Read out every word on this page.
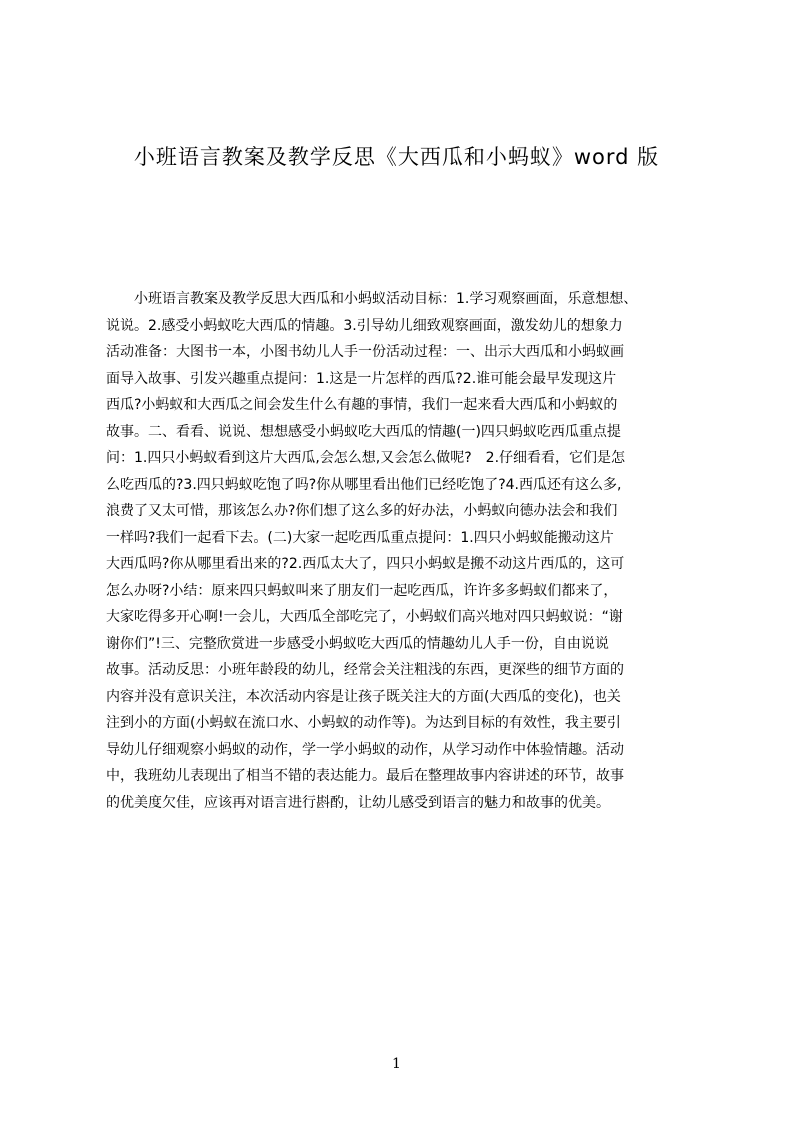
小班语言教案及教学反思《大西瓜和小蚂蚁》word 版
　　小班语言教案及教学反思大西瓜和小蚂蚁活动目标：1.学习观察画面，乐意想想、
说说。2.感受小蚂蚁吃大西瓜的情趣。3.引导幼儿细致观察画面，激发幼儿的想象力
活动准备：大图书一本，小图书幼儿人手一份活动过程：一、出示大西瓜和小蚂蚁画
面导入故事、引发兴趣重点提问：1.这是一片怎样的西瓜?2.谁可能会最早发现这片
西瓜?小蚂蚁和大西瓜之间会发生什么有趣的事情，我们一起来看大西瓜和小蚂蚁的
故事。二、看看、说说、想想感受小蚂蚁吃大西瓜的情趣(一)四只蚂蚁吃西瓜重点提
问：1.四只小蚂蚁看到这片大西瓜,会怎么想,又会怎么做呢?　2.仔细看看，它们是怎
么吃西瓜的?3.四只蚂蚁吃饱了吗?你从哪里看出他们已经吃饱了?4.西瓜还有这么多,
浪费了又太可惜，那该怎么办?你们想了这么多的好办法，小蚂蚁向德办法会和我们
一样吗?我们一起看下去。(二)大家一起吃西瓜重点提问：1.四只小蚂蚁能搬动这片
大西瓜吗?你从哪里看出来的?2.西瓜太大了，四只小蚂蚁是搬不动这片西瓜的，这可
怎么办呀?小结：原来四只蚂蚁叫来了朋友们一起吃西瓜，许许多多蚂蚁们都来了，
大家吃得多开心啊!一会儿，大西瓜全部吃完了，小蚂蚁们高兴地对四只蚂蚁说：“谢
谢你们”!三、完整欣赏进一步感受小蚂蚁吃大西瓜的情趣幼儿人手一份，自由说说
故事。活动反思：小班年龄段的幼儿，经常会关注粗浅的东西，更深些的细节方面的
内容并没有意识关注，本次活动内容是让孩子既关注大的方面(大西瓜的变化)，也关
注到小的方面(小蚂蚁在流口水、小蚂蚁的动作等)。为达到目标的有效性，我主要引
导幼儿仔细观察小蚂蚁的动作，学一学小蚂蚁的动作，从学习动作中体验情趣。活动
中，我班幼儿表现出了相当不错的表达能力。最后在整理故事内容讲述的环节，故事
的优美度欠佳，应该再对语言进行斟酌，让幼儿感受到语言的魅力和故事的优美。
1
